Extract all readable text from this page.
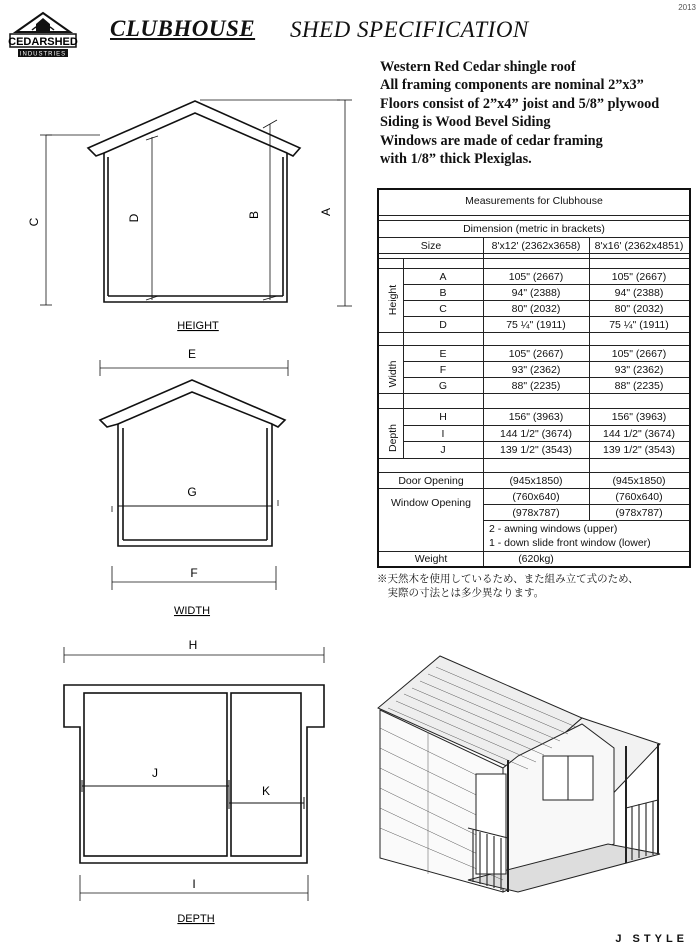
2013
CEDARSHED
INDUSTRIES
CLUBHOUSE SHED SPECIFICATION
Western Red Cedar shingle roof
All framing components are nominal 2”x3”
Floors consist of 2”x4” joist and 5/8” plywood
Siding is Wood Bevel Siding
Windows are made of cedar framing
with 1/8” thick Plexiglas.
A
B
C	D
HEIGHT
E
G
F
WIDTH
H
J
K
I
DEPTH
Measurements for Clubhouse
Dimension (metric in brackets)
Size	8'x12' (2362x3658)	8'x16' (2362x4851)
Height
A	105" (2667)	105" (2667)
B	94" (2388)	94" (2388)
C	80" (2032)	80" (2032)
D	75 ¼" (1911)	75 ¼" (1911)
Width
E	105" (2667)	105" (2667)
F	93" (2362)	93" (2362)
G	88" (2235)	88" (2235)
Depth
H	156" (3963)	156" (3963)
I	144 1/2" (3674)	144 1/2" (3674)
J	139 1/2" (3543)	139 1/2" (3543)
Door Opening	(945x1850)	(945x1850)
Window Opening	(760x640)	(760x640)
(978x787)	(978x787)
2 - awning windows (upper)
1 - down slide front window (lower)
Weight	(620kg)
※天然木を使用しているため、また組み立て式のため、
　実際の寸法とは多少異なります。
J STYLE
